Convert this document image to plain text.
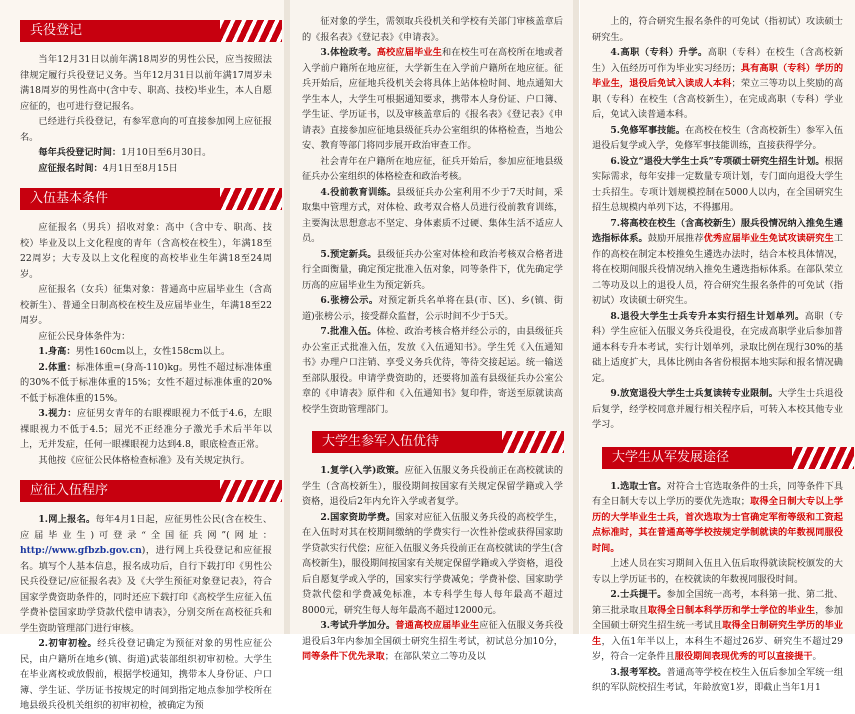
兵役登记

当年12月31日以前年满18周岁的男性公民，应当按照法律规定履行兵役登记义务。当年12月31日以前年满17周岁未满18周岁的男性高中(含中专、职高、技校)毕业生，本人自愿应征的，也可进行登记报名。

已经进行兵役登记，有参军意向的可直接参加网上应征报名。

每年兵役登记时间：1月10日至6月30日。

应征报名时间：4月1日至8月15日

入伍基本条件

应征报名（男兵）招收对象：高中（含中专、职高、技校）毕业及以上文化程度的青年（含高校在校生），年满18至22周岁；大专及以上文化程度的高校毕业生年满18至24周岁。

应征报名（女兵）征集对象：普通高中应届毕业生（含高校新生）、普通全日制高校在校生及应届毕业生，年满18至22周岁。

应征公民身体条件为：

1.身高：男性160cm以上，女性158cm以上。

2.体重：标准体重=(身高-110)kg。男性不超过标准体重的30%不低于标准体重的15%；女性不超过标准体重的20%不低于标准体重的15%。

3.视力：应征男女青年的右眼裸眼视力不低于4.6，左眼裸眼视力不低于4.5；屈光不正经准分子激光手术后半年以上，无并发症，任何一眼裸眼视力达到4.8，眼底检查正常。

其他按《应征公民体格检查标准》及有关规定执行。

应征入伍程序

1.网上报名。每年4月1日起，应征男性公民(含在校生、应届毕业生)可登录“全国征兵网”(网址：http://www.gfbzb.gov.cn)，进行网上兵役登记和应征报名。填写个人基本信息，报名成功后，自行下载打印《男性公民兵役登记/应征报名表》及《大学生预征对象登记表》，符合国家学费资助条件的，同时还应下载打印《高校学生应征入伍学费补偿国家助学贷款代偿申请表》，分别交所在高校征兵和学生资助管理部门进行审核。

2.初审初检。经兵役登记确定为预征对象的男性应征公民，由户籍所在地乡(镇、街道)武装部组织初审初检。大学生在毕业离校或放假前，根据学校通知，携带本人身份证、户口簿、学生证、学历证书按规定的时间到指定地点参加学校所在地县级兵役机关组织的初审初检，被确定为预

征对象的学生，需领取兵役机关和学校有关部门审核盖章后的《报名表》《登记表》《申请表》。

3.体检政考。高校应届毕业生和在校生可在高校所在地或者入学前户籍所在地应征，大学新生在入学前户籍所在地应征。征兵开始后，应征地兵役机关会将具体上站体检时间、地点通知大学生本人，大学生可根据通知要求，携带本人身份证、户口簿、学生证、学历证书，以及审核盖章后的《报名表》《登记表》《申请表》直接参加应征地县级征兵办公室组织的体格检查，当地公安、教育等部门将同步展开政治审查工作。

社会青年在户籍所在地应征，征兵开始后，参加应征地县级征兵办公室组织的体格检查和政治考核。

4.役前教育训练。县级征兵办公室利用不少于7天时间，采取集中管理方式，对体检、政考双合格人员进行役前教育训练，主要淘汰思想意志不坚定、身体素质不过硬、集体生活不适应人员。

5.预定新兵。县级征兵办公室对体检和政治考核双合格者进行全面衡量，确定预定批准入伍对象，同等条件下，优先确定学历高的应届毕业生为预定新兵。

6.张榜公示。对预定新兵名单将在县(市、区)、乡(镇、街道)张榜公示，接受群众监督，公示时间不少于5天。

7.批准入伍。体检、政治考核合格并经公示的，由县级征兵办公室正式批准入伍，发放《入伍通知书》。学生凭《入伍通知书》办理户口注销、享受义务兵优待，等待交接起运。统一输送至部队服役。申请学费资助的，还要将加盖有县级征兵办公室公章的《申请表》原件和《入伍通知书》复印件，寄送至原就读高校学生资助管理部门。

大学生参军入伍优待

1.复学(入学)政策。应征入伍服义务兵役前正在高校就读的学生（含高校新生），服役期间按国家有关规定保留学籍或入学资格，退役后2年内允许入学或者复学。

2.国家资助学费。国家对应征入伍服义务兵役的高校学生，在入伍时对其在校期间缴纳的学费实行一次性补偿或获得国家助学贷款实行代偿；应征入伍服义务兵役前正在高校就读的学生(含高校新生)，服役期间按国家有关规定保留学籍或入学资格，退役后自愿复学或入学的，国家实行学费减免；学费补偿、国家助学贷款代偿和学费减免标准，本专科学生每人每年最高不超过8000元，研究生每人每年最高不超过12000元。

3.考试升学加分。普通高校应届毕业生应征入伍服义务兵役退役后3年内参加全国硕士研究生招生考试，初试总分加10分，同等条件下优先录取；在部队荣立二等功及以

上的，符合研究生报名条件的可免试（指初试）攻读硕士研究生。

4.高职（专科）升学。高职（专科）在校生（含高校新生）入伍经历可作为毕业实习经历；具有高职（专科）学历的毕业生，退役后免试入读成人本科；荣立三等功以上奖励的高职（专科）在校生（含高校新生），在完成高职（专科）学业后，免试入读普通本科。

5.免修军事技能。在高校在校生（含高校新生）参军入伍退役后复学或入学，免修军事技能训练，直接获得学分。

6.设立“退役大学生士兵”专项硕士研究生招生计划。根据实际需求，每年安排一定数量专项计划，专门面向退役大学生士兵招生。专项计划规模控制在5000人以内，在全国研究生招生总规模内单列下达，不得挪用。

7.将高校在校生（含高校新生）服兵役情况纳入推免生遴选指标体系。鼓励开展推荐优秀应届毕业生免试攻读研究生工作的高校在制定本校推免生遴选办法时，结合本校具体情况，将在校期间服兵役情况纳入推免生遴选指标体系。在部队荣立二等功及以上的退役人员，符合研究生报名条件的可免试（指初试）攻读硕士研究生。

8.退役大学生士兵专升本实行招生计划单列。高职（专科）学生应征入伍服义务兵役退役，在完成高职学业后参加普通本科专升本考试，实行计划单列，录取比例在现行30%的基础上适度扩大，具体比例由各省份根据本地实际和报名情况确定。

9.放宽退役大学生士兵复读转专业限制。大学生士兵退役后复学，经学校同意并履行相关程序后，可转入本校其他专业学习。

大学生从军发展途径

1.选取士官。对符合士官选取条件的士兵，同等条件下具有全日制大专以上学历的要优先选取；取得全日制大专以上学历的大学毕业生士兵，首次选取为士官确定军衔等级和工资起点标准时，其在普通高等学校按规定学制就读的年数视同服役时间。

上述人员在实习期间入伍且入伍后取得就读院校颁发的大专以上学历证书的，在校就读的年数视同服役时间。

2.士兵提干。参加全国统一高考，本科第一批、第二批、第三批录取且取得全日制本科学历和学士学位的毕业生，参加全国硕士研究生招生统一考试且取得全日制研究生学历的毕业生，入伍1年半以上，本科生不超过26岁、研究生不超过29岁，符合一定条件且服役期间表现优秀的可以直接提干。

3.报考军校。普通高等学校在校生入伍后参加全军统一组织的军队院校招生考试，年龄放宽1岁，即截止当年1月1
